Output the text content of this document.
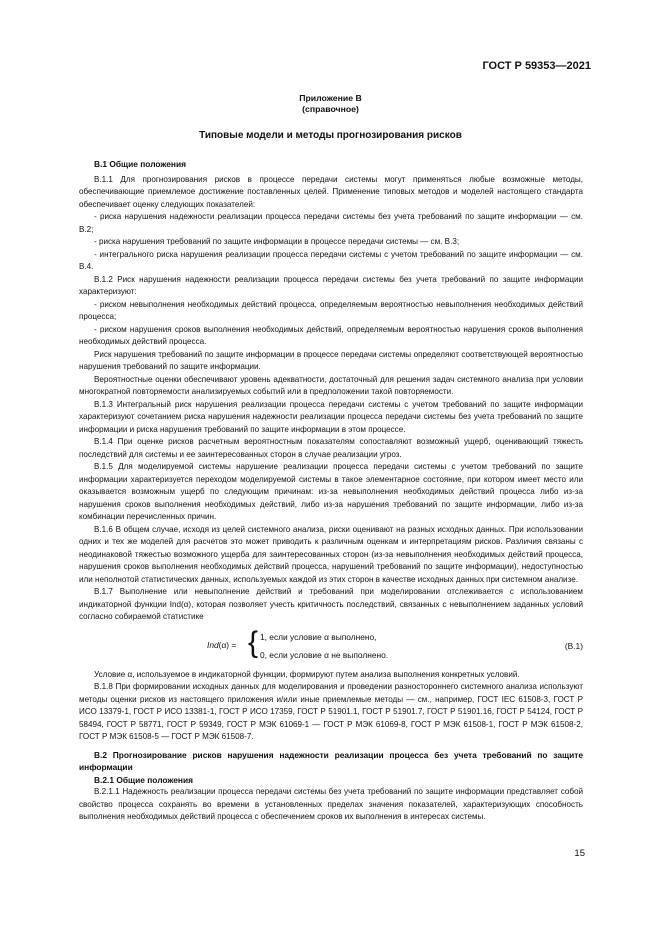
ГОСТ Р 59353—2021
Приложение В
(справочное)
Типовые модели и методы прогнозирования рисков
В.1 Общие положения

В.1.1 Для прогнозирования рисков в процессе передачи системы могут применяться любые возможные методы, обеспечивающие приемлемое достижение поставленных целей. Применение типовых методов и моделей настоящего стандарта обеспечивает оценку следующих показателей:

- риска нарушения надежности реализации процесса передачи системы без учета требований по защите информации — см. В.2;

- риска нарушения требований по защите информации в процессе передачи системы — см. В.3;

- интегрального риска нарушения реализации процесса передачи системы с учетом требований по защите информации — см. В.4.

В.1.2 Риск нарушения надежности реализации процесса передачи системы без учета требований по защите информации характеризуют:

- риском невыполнения необходимых действий процесса, определяемым вероятностью невыполнения необходимых действий процесса;

- риском нарушения сроков выполнения необходимых действий, определяемым вероятностью нарушения сроков выполнения необходимых действий процесса.

Риск нарушения требований по защите информации в процессе передачи системы определяют соответствующей вероятностью нарушения требований по защите информации.

Вероятностные оценки обеспечивают уровень адекватности, достаточный для решения задач системного анализа при условии многократной повторяемости анализируемых событий или в предположении такой повторяемости.

В.1.3 Интегральный риск нарушения реализации процесса передачи системы с учетом требований по защите информации характеризуют сочетанием риска нарушения надежности реализации процесса передачи системы без учета требований по защите информации и риска нарушения требований по защите информации в этом процессе.

В.1.4 При оценке рисков расчетным вероятностным показателям сопоставляют возможный ущерб, оценивающий тяжесть последствий для системы и ее заинтересованных сторон в случае реализации угроз.

В.1.5 Для моделируемой системы нарушение реализации процесса передачи системы с учетом требований по защите информации характеризуется переходом моделируемой системы в такое элементарное состояние, при котором имеет место или оказывается возможным ущерб по следующим причинам: из-за невыполнения необходимых действий процесса либо из-за нарушения сроков выполнения необходимых действий, либо из-за нарушения требований по защите информации, либо из-за комбинации перечисленных причин.

В.1.6 В общем случае, исходя из целей системного анализа, риски оценивают на разных исходных данных. При использовании одних и тех же моделей для расчетов это может приводить к различным оценкам и интерпретациям рисков. Различия связаны с неодинаковой тяжестью возможного ущерба для заинтересованных сторон (из-за невыполнения необходимых действий процесса, нарушения сроков выполнения необходимых действий процесса, нарушений требований по защите информации), недоступностью или неполнотой статистических данных, используемых каждой из этих сторон в качестве исходных данных при системном анализе.

В.1.7 Выполнение или невыполнение действий и требований при моделировании отслеживается с использованием индикаторной функции Ind(α), которая позволяет учесть критичность последствий, связанных с невыполнением заданных условий согласно собираемой статистике

Ind(α) = { 1, если условие α выполнено,
0, если условие α не выполнено.
(В.1)

Условие α, используемое в индикаторной функции, формируют путем анализа выполнения конкретных условий.

В.1.8 При формировании исходных данных для моделирования и проведении разностороннего системного анализа используют методы оценки рисков из настоящего приложения и/или иные приемлемые методы — см., например, ГОСТ IEC 61508-3, ГОСТ Р ИСО 13379-1, ГОСТ Р ИСО 13381-1, ГОСТ Р ИСО 17359, ГОСТ Р 51901.1, ГОСТ Р 51901.7, ГОСТ Р 51901.16, ГОСТ Р 54124, ГОСТ Р 58494, ГОСТ Р 58771, ГОСТ Р 59349, ГОСТ Р МЭК 61069-1 — ГОСТ Р МЭК 61069-8, ГОСТ Р МЭК 61508-1, ГОСТ Р МЭК 61508-2, ГОСТ Р МЭК 61508-5 — ГОСТ Р МЭК 61508-7.

В.2 Прогнозирование рисков нарушения надежности реализации процесса без учета требований по защите информации
В.2.1 Общие положения

В.2.1.1 Надежность реализации процесса передачи системы без учета требований по защите информации представляет собой свойство процесса сохранять во времени в установленных пределах значения показателей, характеризующих способность выполнения необходимых действий процесса с обеспечением сроков их выполнения в интересах системы.

15
